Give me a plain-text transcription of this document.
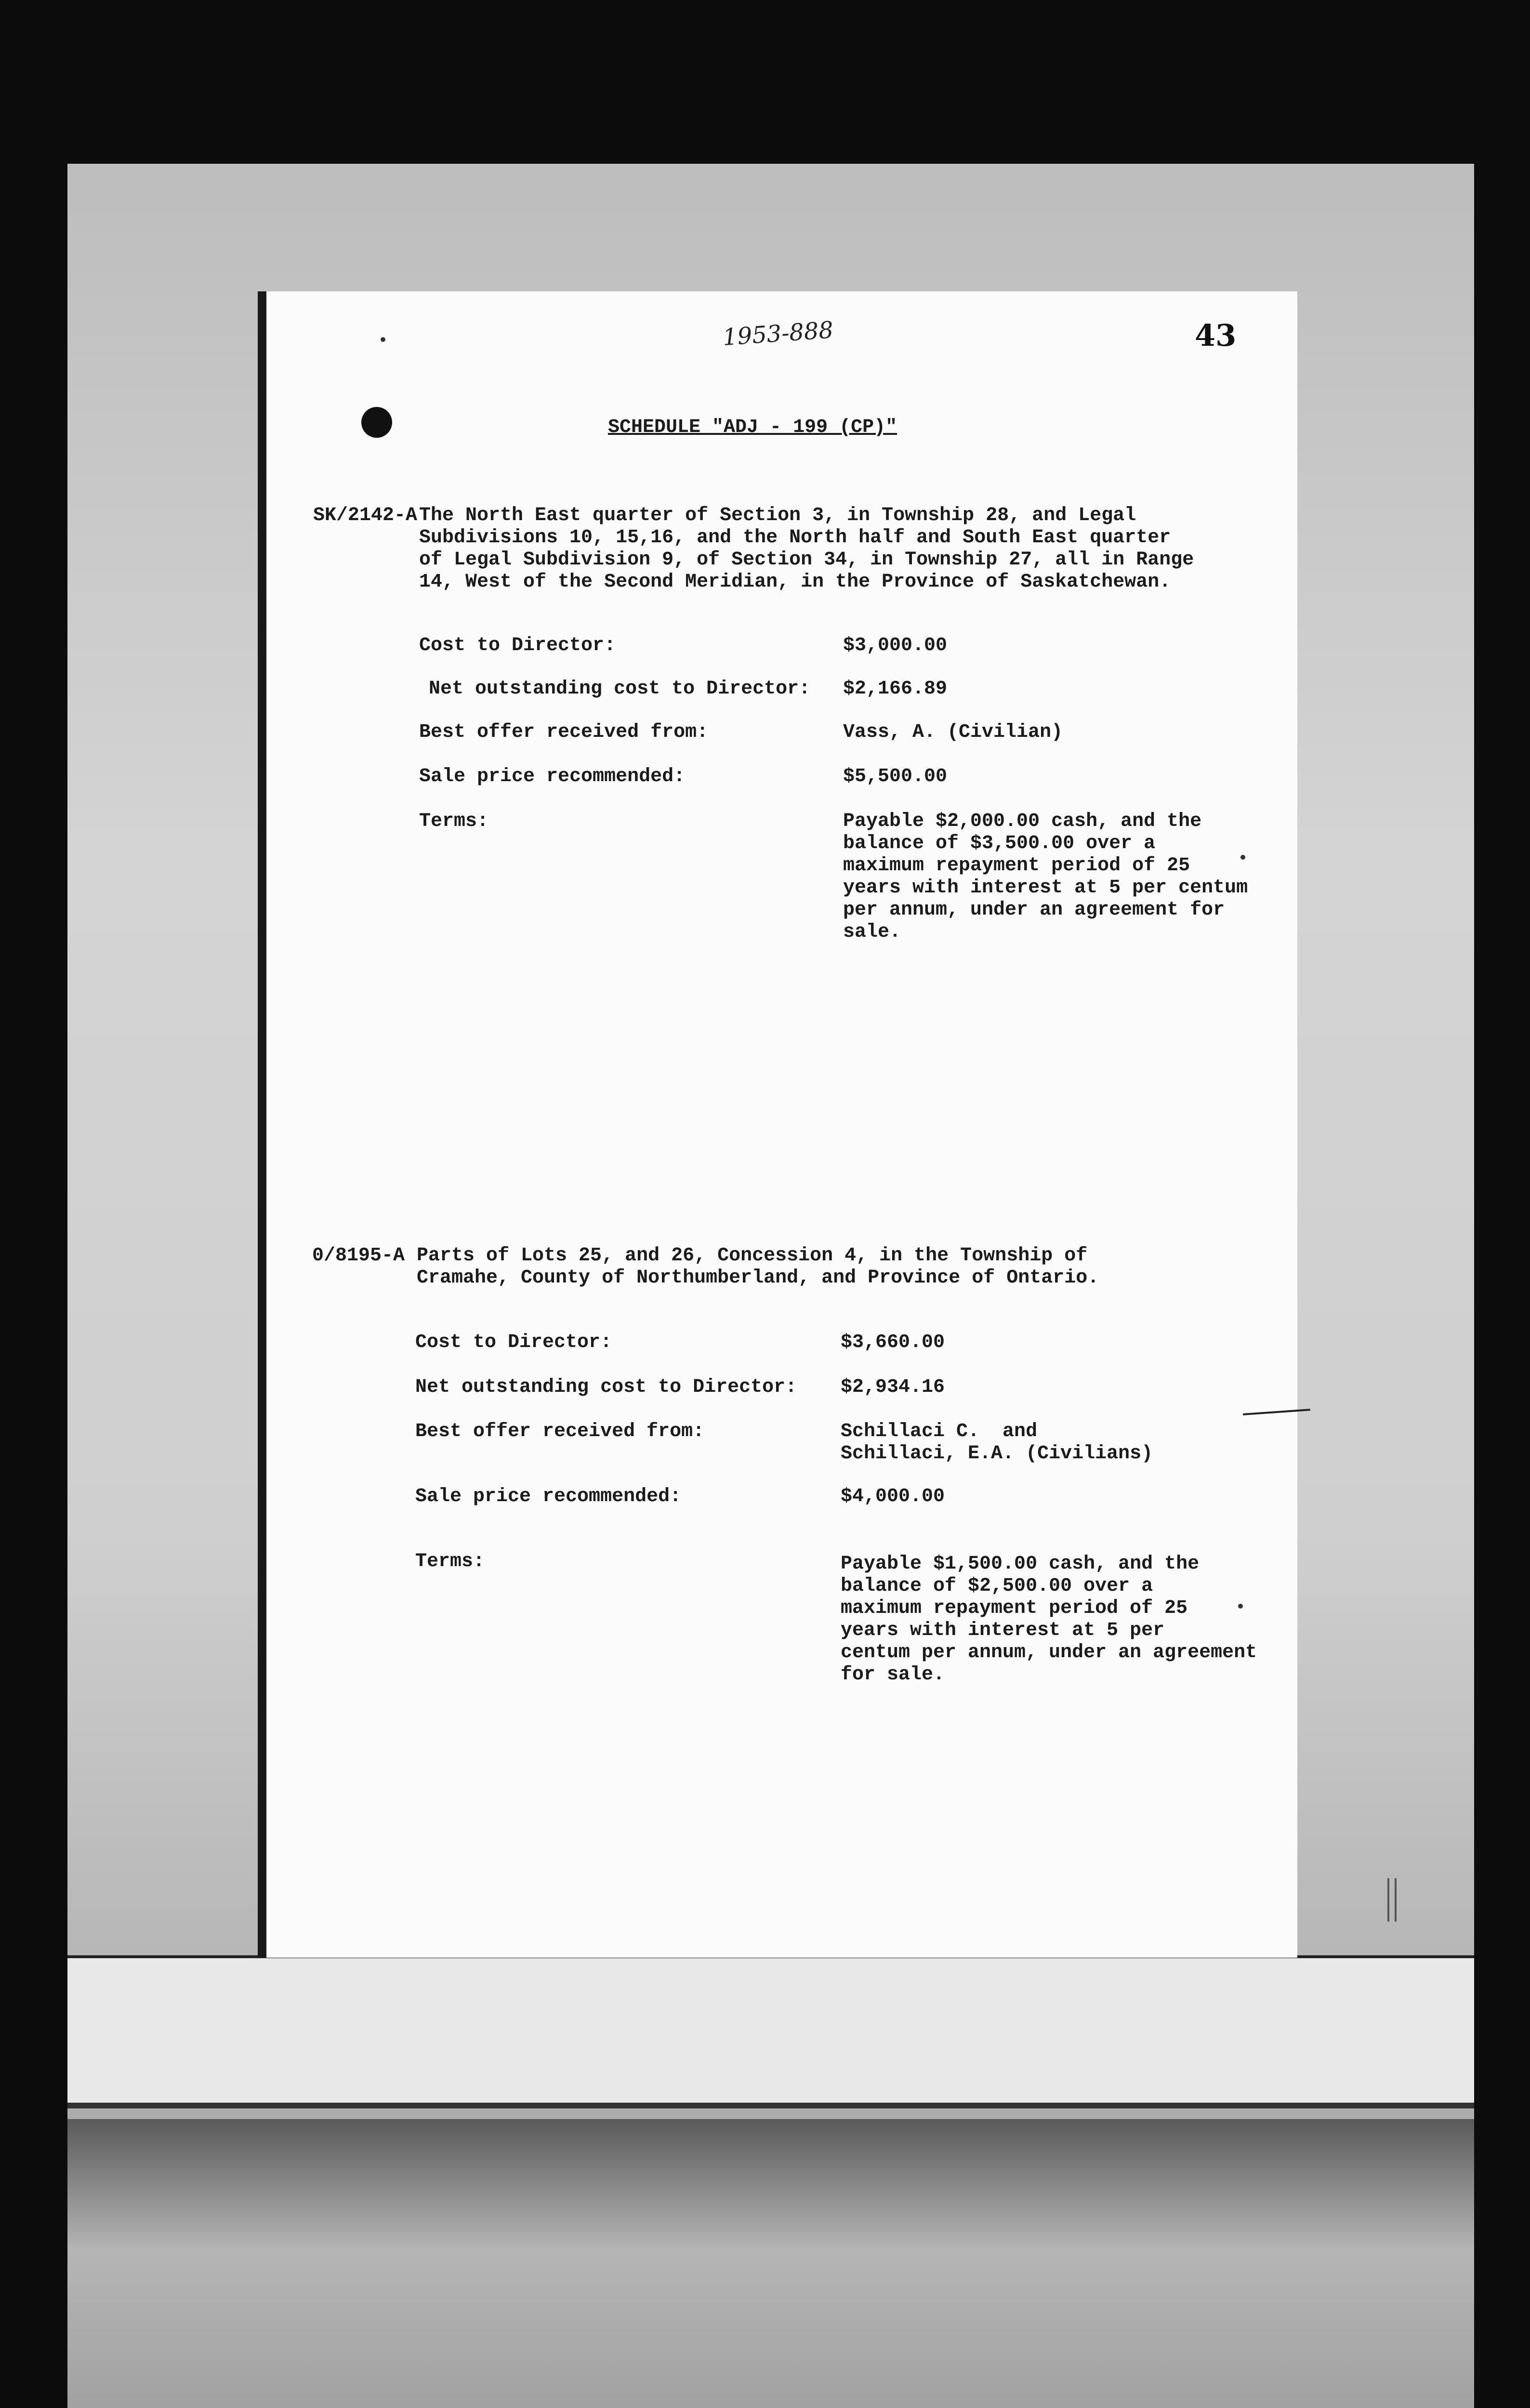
1953-888	43

SCHEDULE "ADJ - 199 (CP)"

SK/2142-A The North East quarter of Section 3, in Township 28, and Legal

Subdivisions 10, 15,16, and the North half and South East quarter

of Legal Subdivision 9, of Section 34, in Township 27, all in Range

14, West of the Second Meridian, in the Province of Saskatchewan.

Cost to Director:	$3,000.00

Net outstanding cost to Director: $2,166.89

Best offer received from:	Vass, A. (Civilian)

Sale price recommended:	$5,500.00

Terms:	Payable $2,000.00 cash, and the

balance of $3,500.00 over a

maximum repayment period of 25

years with interest at 5 per centum

per annum, under an agreement for

sale.

0/8195-A Parts of Lots 25, and 26, Concession 4, in the Township of

Cramahe, County of Northumberland, and Province of Ontario.

Cost to Director:	$3,660.00

Net outstanding cost to Director: $2,934.16

Best offer received from:	Schillaci C.  and

Schillaci, E.A. (Civilians)

Sale price recommended:	$4,000.00

Terms:	Payable $1,500.00 cash, and the

balance of $2,500.00 over a

maximum repayment period of 25

years with interest at 5 per

centum per annum, under an agreement

for sale.
